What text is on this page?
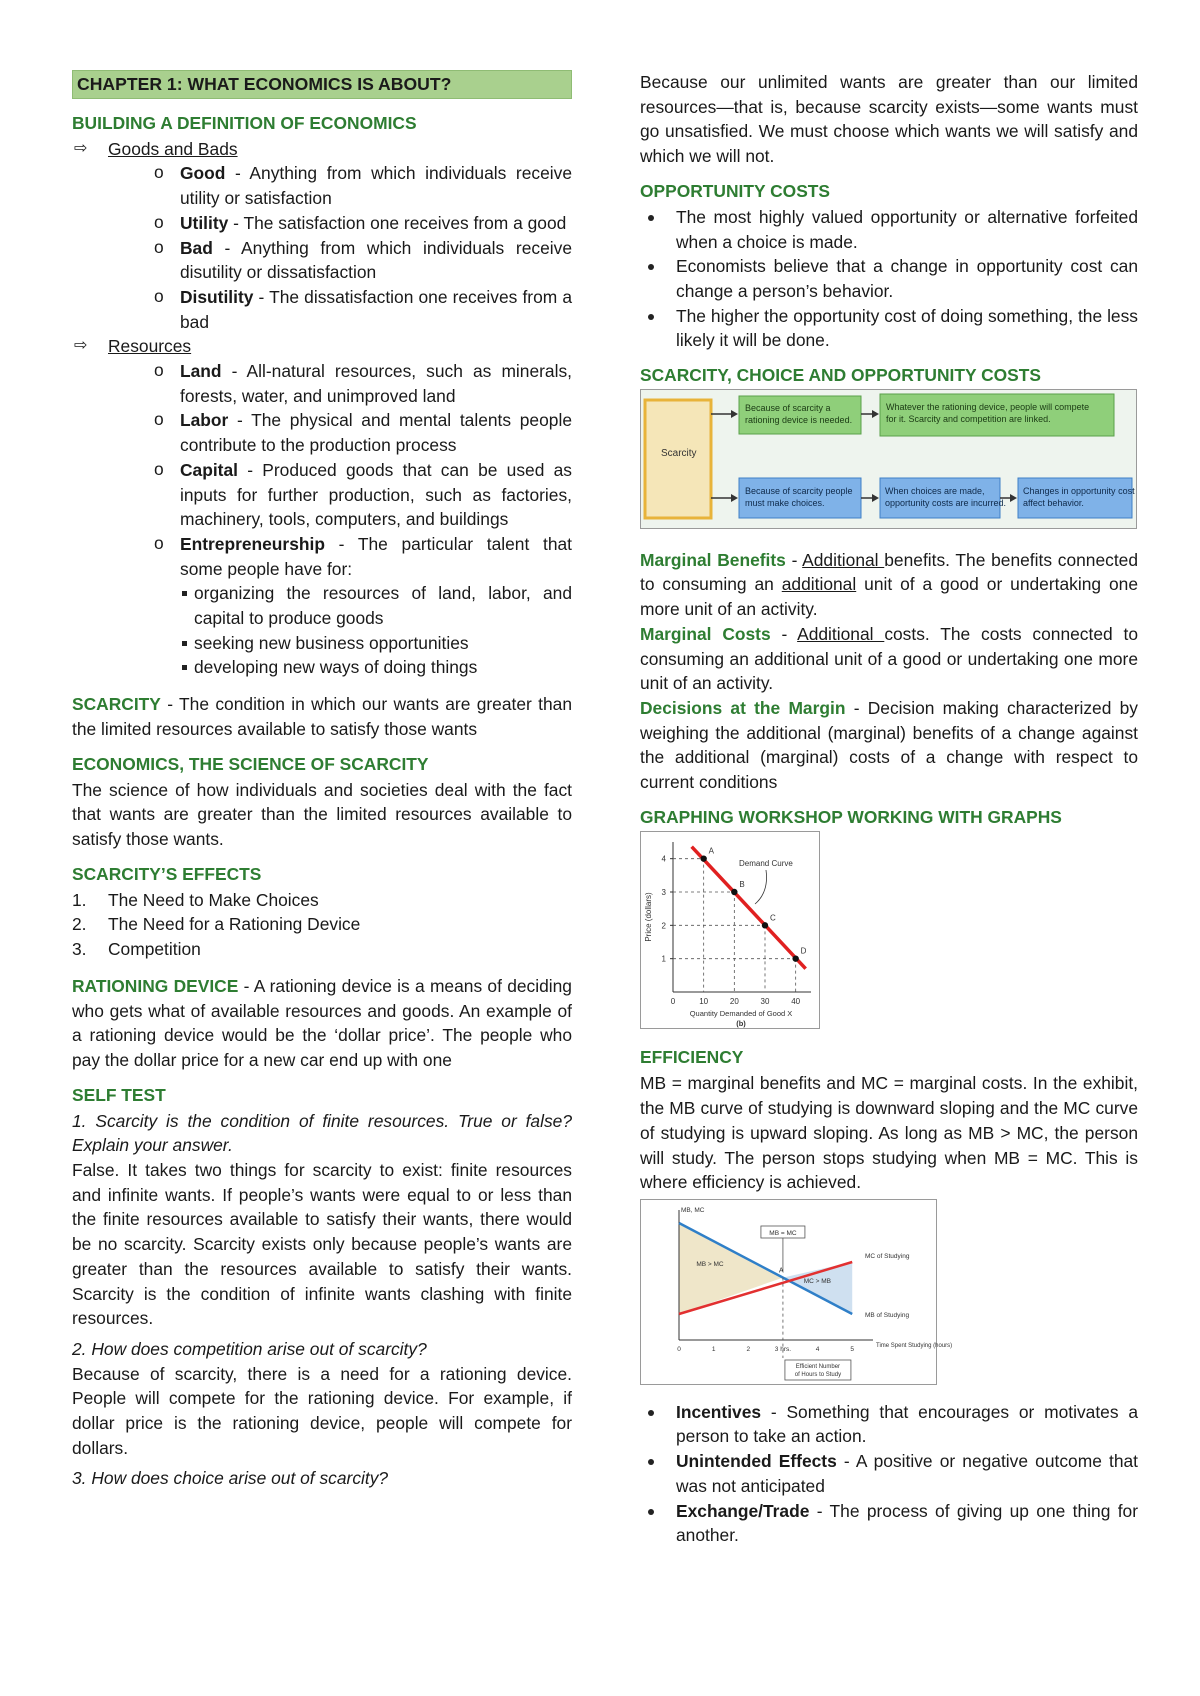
CHAPTER 1: WHAT ECONOMICS IS ABOUT?
BUILDING A DEFINITION OF ECONOMICS
⇨ Goods and Bads
o Good - Anything from which individuals receive utility or satisfaction
o Utility - The satisfaction one receives from a good
o Bad - Anything from which individuals receive disutility or dissatisfaction
o Disutility - The dissatisfaction one receives from a bad
⇨ Resources
o Land - All-natural resources, such as minerals, forests, water, and unimproved land
o Labor - The physical and mental talents people contribute to the production process
o Capital - Produced goods that can be used as inputs for further production, such as factories, machinery, tools, computers, and buildings
o Entrepreneurship - The particular talent that some people have for:
organizing the resources of land, labor, and capital to produce goods
seeking new business opportunities
developing new ways of doing things

SCARCITY - The condition in which our wants are greater than the limited resources available to satisfy those wants

ECONOMICS, THE SCIENCE OF SCARCITY

The science of how individuals and societies deal with the fact that wants are greater than the limited resources available to satisfy those wants.

SCARCITY’S EFFECTS
1. The Need to Make Choices
2. The Need for a Rationing Device
3. Competition

RATIONING DEVICE - A rationing device is a means of deciding who gets what of available resources and goods. An example of a rationing device would be the ‘dollar price’. The people who pay the dollar price for a new car end up with one

SELF TEST

1. Scarcity is the condition of finite resources. True or false? Explain your answer.

False. It takes two things for scarcity to exist: finite resources and infinite wants. If people’s wants were equal to or less than the finite resources available to satisfy their wants, there would be no scarcity. Scarcity exists only because people’s wants are greater than the resources available to satisfy their wants. Scarcity is the condition of infinite wants clashing with finite resources.

2. How does competition arise out of scarcity?

Because of scarcity, there is a need for a rationing device. People will compete for the rationing device. For example, if dollar price is the rationing device, people will compete for dollars.

3. How does choice arise out of scarcity?

Because our unlimited wants are greater than our limited resources—that is, because scarcity exists—some wants must go unsatisfied. We must choose which wants we will satisfy and which we will not.

OPPORTUNITY COSTS
The most highly valued opportunity or alternative forfeited when a choice is made.
Economists believe that a change in opportunity cost can change a person’s behavior.
The higher the opportunity cost of doing something, the less likely it will be done.
SCARCITY, CHOICE AND OPPORTUNITY COSTS
Scarcity
Because of scarcity a
rationing device is needed.
Whatever the rationing device, people will compete
for it. Scarcity and competition are linked.
Because of scarcity people
must make choices.
When choices are made,
opportunity costs are incurred.
Changes in opportunity cost
affect behavior.

Marginal Benefits - Additional benefits. The benefits connected to consuming an additional unit of a good or undertaking one more unit of an activity.

Marginal Costs - Additional costs. The costs connected to consuming an additional unit of a good or undertaking one more unit of an activity.

Decisions at the Margin - Decision making characterized by weighing the additional (marginal) benefits of a change against the additional (marginal) costs of a change with respect to current conditions

GRAPHING WORKSHOP WORKING WITH GRAPHS
1
2
3
4
0	10	20	30	40
A
B
C
D
Demand Curve
Price (dollars)
Quantity Demanded of Good X
(b)
EFFICIENCY

MB = marginal benefits and MC = marginal costs. In the exhibit, the MB curve of studying is downward sloping and the MC curve of studying is upward sloping. As long as MB > MC, the person will study. The person stops studying when MB = MC. This is where efficiency is achieved.

A
MB, MC
0	1	2	3 hrs.	4	5	Time Spent Studying (hours)
MC of Studying
MB of Studying
MB > MC
MC > MB
MB = MC
Efficient Number
of Hours to Study
Incentives - Something that encourages or motivates a person to take an action.
Unintended Effects - A positive or negative outcome that was not anticipated
Exchange/Trade - The process of giving up one thing for another.
